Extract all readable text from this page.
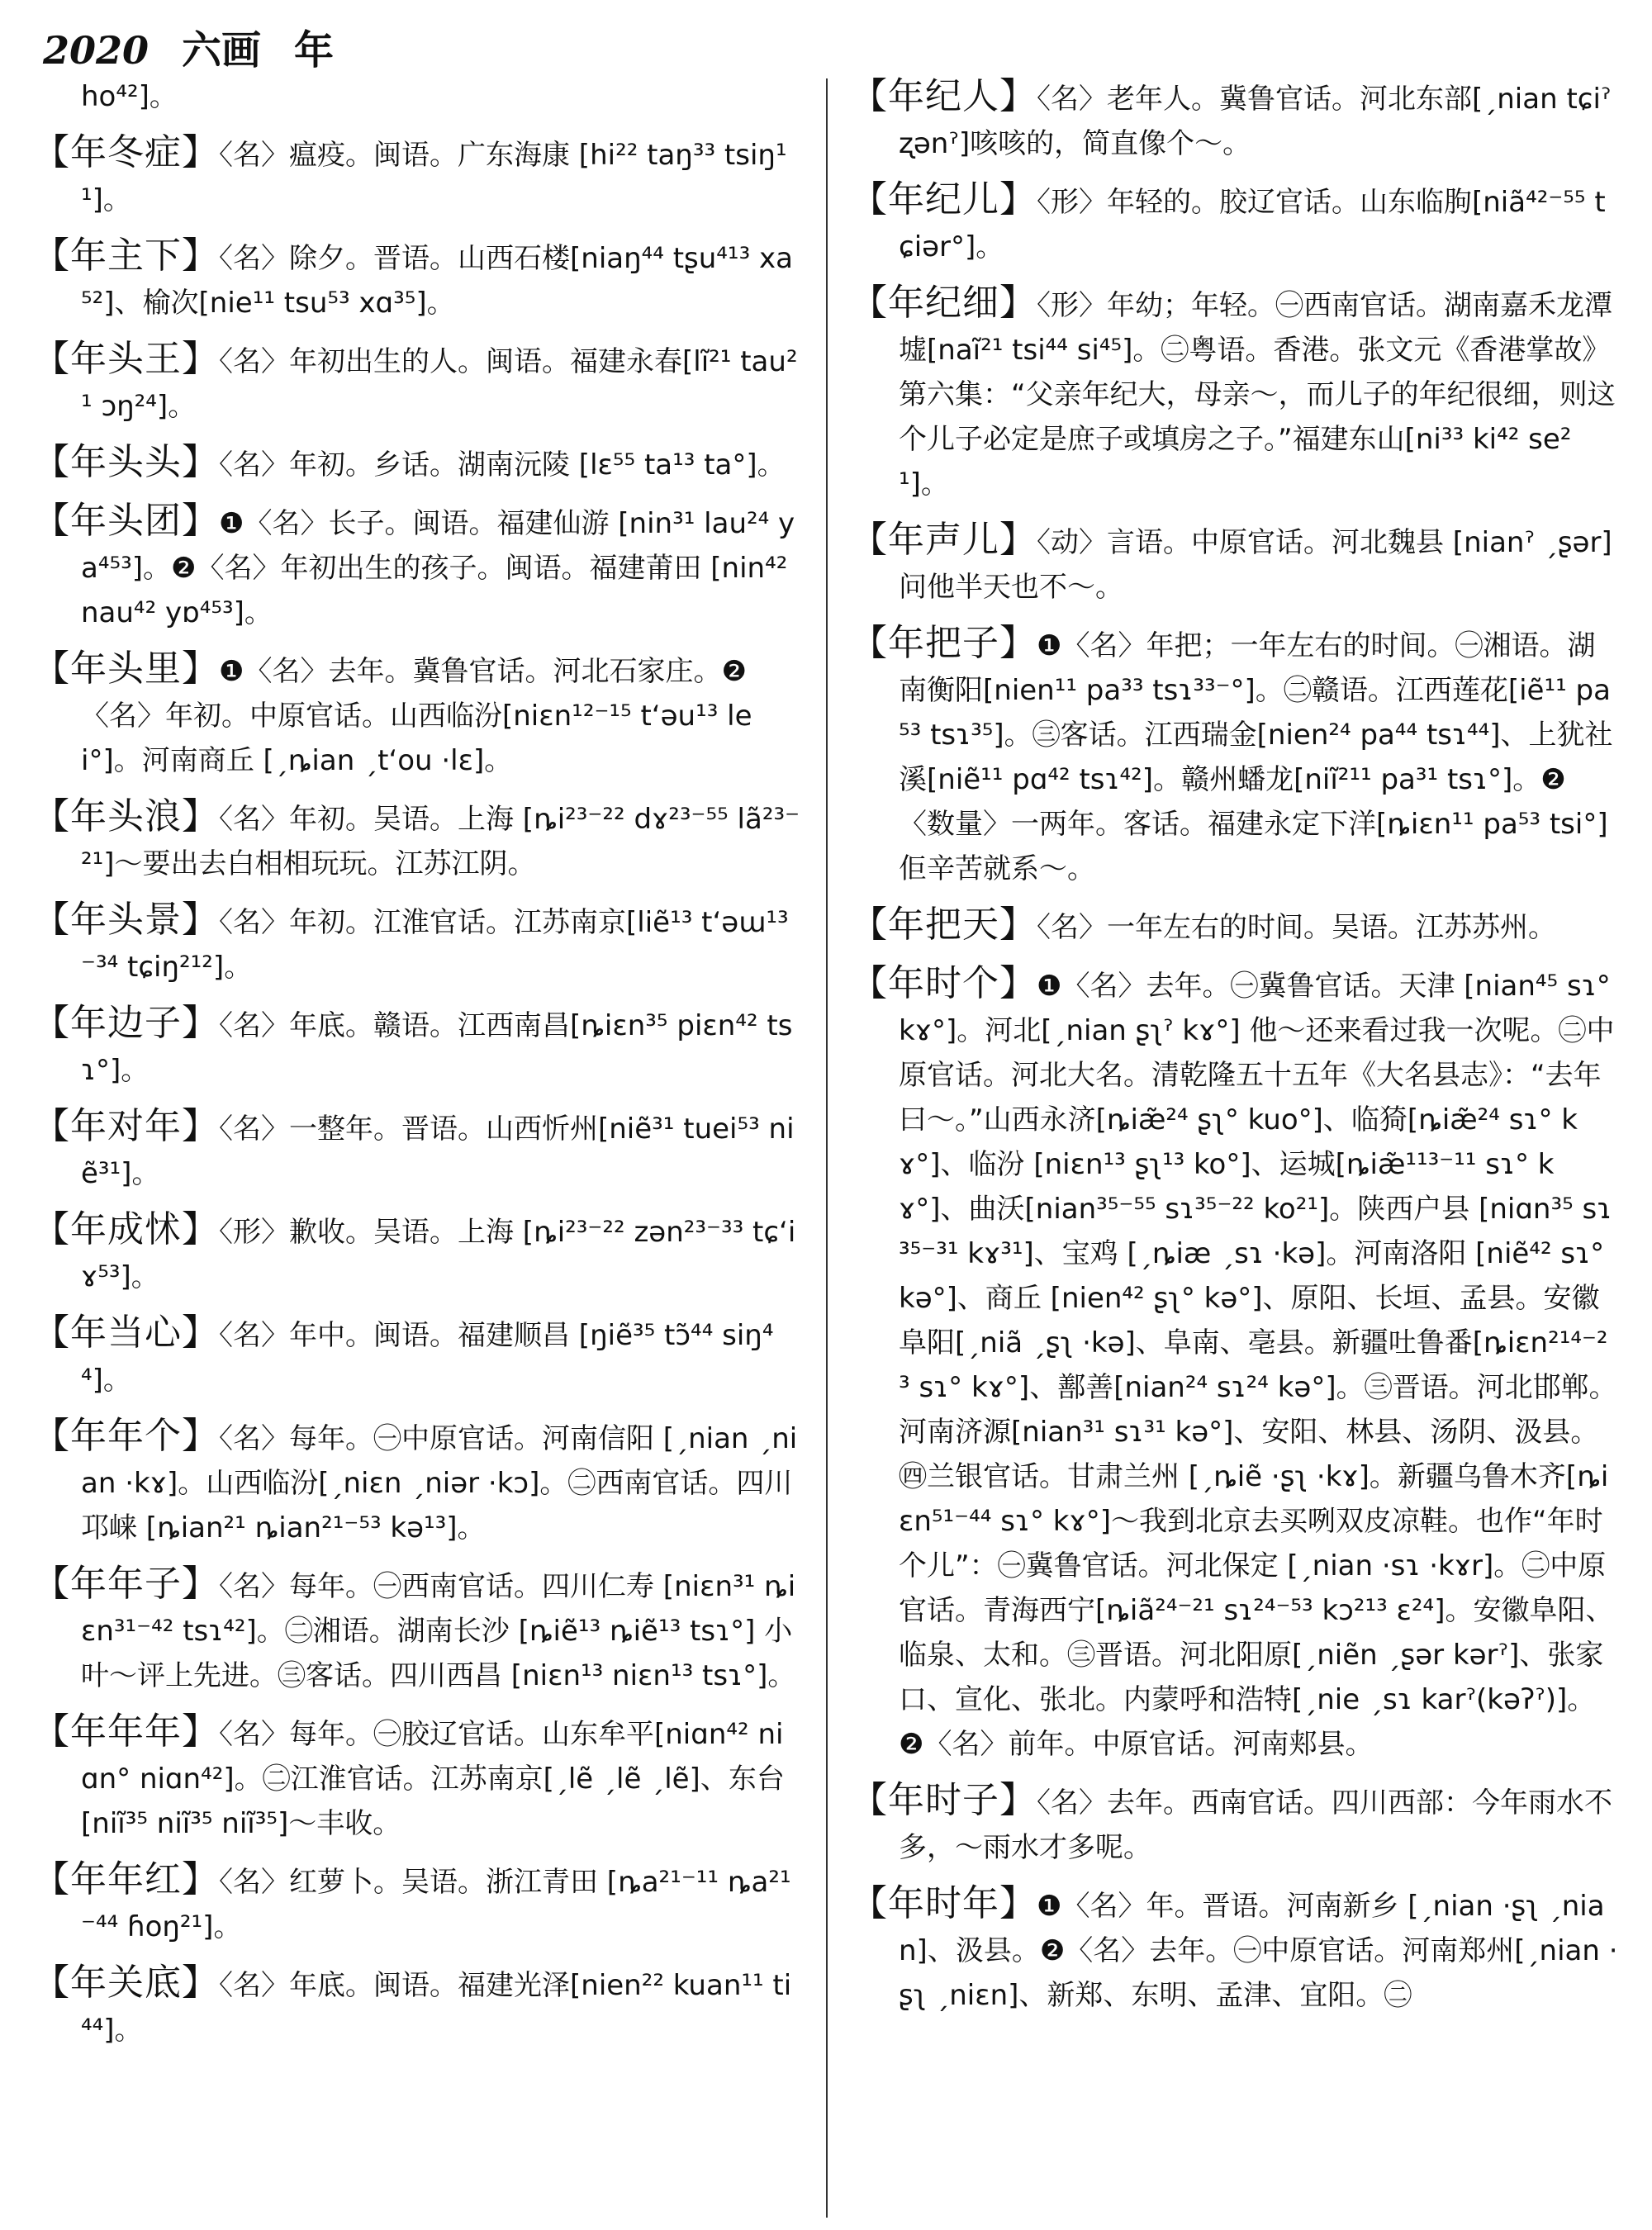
2020 六画 年

ho⁴²]。

【年冬症】〈名〉瘟疫。闽语。广东海康 [hi²² taŋ³³ tsiŋ¹¹]。

【年主下】〈名〉除夕。晋语。山西石楼[niaŋ⁴⁴ tʂu⁴¹³ xa⁵²]、榆次[nie¹¹ tsu⁵³ xɑ³⁵]。

【年头王】〈名〉年初出生的人。闽语。福建永春[lĩ²¹ tau²¹ ɔŋ²⁴]。

【年头头】〈名〉年初。乡话。湖南沅陵 [lɛ⁵⁵ ta¹³ ta°]。

【年头团】❶〈名〉长子。闽语。福建仙游 [nin³¹ lau²⁴ ya⁴⁵³]。❷〈名〉年初出生的孩子。闽语。福建莆田 [nin⁴² nau⁴² yɒ⁴⁵³]。

【年头里】❶〈名〉去年。冀鲁官话。河北石家庄。❷〈名〉年初。中原官话。山西临汾[niɛn¹²⁻¹⁵ tʻəu¹³ lei°]。河南商丘 [ˏȵian ˏtʻou ·lɛ]。

【年头浪】〈名〉年初。吴语。上海 [ȵi²³⁻²² dɤ²³⁻⁵⁵ lã²³⁻²¹]～要出去白相相玩玩。江苏江阴。

【年头景】〈名〉年初。江淮官话。江苏南京[liẽ¹³ tʻəɯ¹³⁻³⁴ tɕiŋ²¹²]。

【年边子】〈名〉年底。赣语。江西南昌[ȵiɛn³⁵ piɛn⁴² tsɿ°]。

【年对年】〈名〉一整年。晋语。山西忻州[niẽ³¹ tuei⁵³ niẽ³¹]。

【年成怵】〈形〉歉收。吴语。上海 [ȵi²³⁻²² zən²³⁻³³ tɕʻiɤ⁵³]。

【年当心】〈名〉年中。闽语。福建顺昌 [ŋiẽ³⁵ tɔ̃⁴⁴ siŋ⁴⁴]。

【年年个】〈名〉每年。㊀中原官话。河南信阳 [ˏnian ˏnian ·kɤ]。山西临汾[ˏniɛn ˏniər ·kɔ]。㊁西南官话。四川邛崃 [ȵian²¹ ȵian²¹⁻⁵³ kə¹³]。

【年年子】〈名〉每年。㊀西南官话。四川仁寿 [niɛn³¹ ȵiɛn³¹⁻⁴² tsɿ⁴²]。㊁湘语。湖南长沙 [ȵiẽ¹³ ȵiẽ¹³ tsɿ°] 小叶～评上先进。㊂客话。四川西昌 [niɛn¹³ niɛn¹³ tsɿ°]。

【年年年】〈名〉每年。㊀胶辽官话。山东牟平[niɑn⁴² niɑn° niɑn⁴²]。㊁江淮官话。江苏南京[ˏlẽ ˏlẽ ˏlẽ]、东台[niĩ³⁵ niĩ³⁵ niĩ³⁵]～丰收。

【年年红】〈名〉红萝卜。吴语。浙江青田 [ȵa²¹⁻¹¹ ȵa²¹⁻⁴⁴ ɦoŋ²¹]。

【年关底】〈名〉年底。闽语。福建光泽[nien²² kuan¹¹ ti⁴⁴]。

【年纪人】〈名〉老年人。冀鲁官话。河北东部[ˏnian tɕiˀ ʐənˀ]咳咳的，简直像个～。

【年纪儿】〈形〉年轻的。胶辽官话。山东临朐[niã⁴²⁻⁵⁵ tɕiər°]。

【年纪细】〈形〉年幼；年轻。㊀西南官话。湖南嘉禾龙潭墟[naĩ²¹ tsi⁴⁴ si⁴⁵]。㊁粤语。香港。张文元《香港掌故》第六集：“父亲年纪大，母亲～，而儿子的年纪很细，则这个儿子必定是庶子或填房之子。”福建东山[ni³³ ki⁴² se²¹]。

【年声儿】〈动〉言语。中原官话。河北魏县 [nianˀ ˏʂər] 问他半天也不～。

【年把子】❶〈名〉年把；一年左右的时间。㊀湘语。湖南衡阳[nien¹¹ pa³³ tsɿ³³⁻°]。㊁赣语。江西莲花[iẽ¹¹ pa⁵³ tsɿ³⁵]。㊂客话。江西瑞金[nien²⁴ pa⁴⁴ tsɿ⁴⁴]、上犹社溪[niẽ¹¹ pɑ⁴² tsɿ⁴²]。赣州蟠龙[niĩ²¹¹ pa³¹ tsɿ°]。❷〈数量〉一两年。客话。福建永定下洋[ȵiɛn¹¹ pa⁵³ tsi°]佢辛苦就系～。

【年把天】〈名〉一年左右的时间。吴语。江苏苏州。

【年时个】❶〈名〉去年。㊀冀鲁官话。天津 [nian⁴⁵ sɿ° kɤ°]。河北[ˏnian ʂʅˀ kɤ°] 他～还来看过我一次呢。㊁中原官话。河北大名。清乾隆五十五年《大名县志》：“去年曰～。”山西永济[ȵiæ̃²⁴ ʂʅ° kuo°]、临猗[ȵiæ̃²⁴ sɿ° kɤ°]、临汾 [niɛn¹³ ʂʅ¹³ ko°]、运城[ȵiæ̃¹¹³⁻¹¹ sɿ° kɤ°]、曲沃[nian³⁵⁻⁵⁵ sɿ³⁵⁻²² ko²¹]。陕西户县 [niɑn³⁵ sɿ³⁵⁻³¹ kɤ³¹]、宝鸡 [ˏȵiæ ˏsɿ ·kə]。河南洛阳 [niẽ⁴² sɿ° kə°]、商丘 [nien⁴² ʂʅ° kə°]、原阳、长垣、孟县。安徽阜阳[ˏniã ˏʂʅ ·kə]、阜南、亳县。新疆吐鲁番[ȵiɛn²¹⁴⁻²³ sɿ° kɤ°]、鄯善[nian²⁴ sɿ²⁴ kə°]。㊂晋语。河北邯郸。河南济源[nian³¹ sɿ³¹ kə°]、安阳、林县、汤阴、汲县。㊃兰银官话。甘肃兰州 [ˏȵiẽ ·ʂʅ ·kɤ]。新疆乌鲁木齐[ȵiɛn⁵¹⁻⁴⁴ sɿ° kɤ°]～我到北京去买咧双皮凉鞋。也作“年时个儿”：㊀冀鲁官话。河北保定 [ˏnian ·sɿ ·kɤr]。㊁中原官话。青海西宁[ȵiã²⁴⁻²¹ sɿ²⁴⁻⁵³ kɔ²¹³ ɛ²⁴]。安徽阜阳、临泉、太和。㊂晋语。河北阳原[ˏniẽn ˏʂər kərˀ]、张家口、宣化、张北。内蒙呼和浩特[ˏnie ˏsɿ karˀ(kəʔˀ)]。❷〈名〉前年。中原官话。河南郏县。

【年时子】〈名〉去年。西南官话。四川西部：今年雨水不多，～雨水才多呢。

【年时年】❶〈名〉年。晋语。河南新乡 [ˏnian ·ʂʅ ˏnian]、汲县。❷〈名〉去年。㊀中原官话。河南郑州[ˏnian ·ʂʅ ˏniɛn]、新郑、东明、孟津、宜阳。㊁
